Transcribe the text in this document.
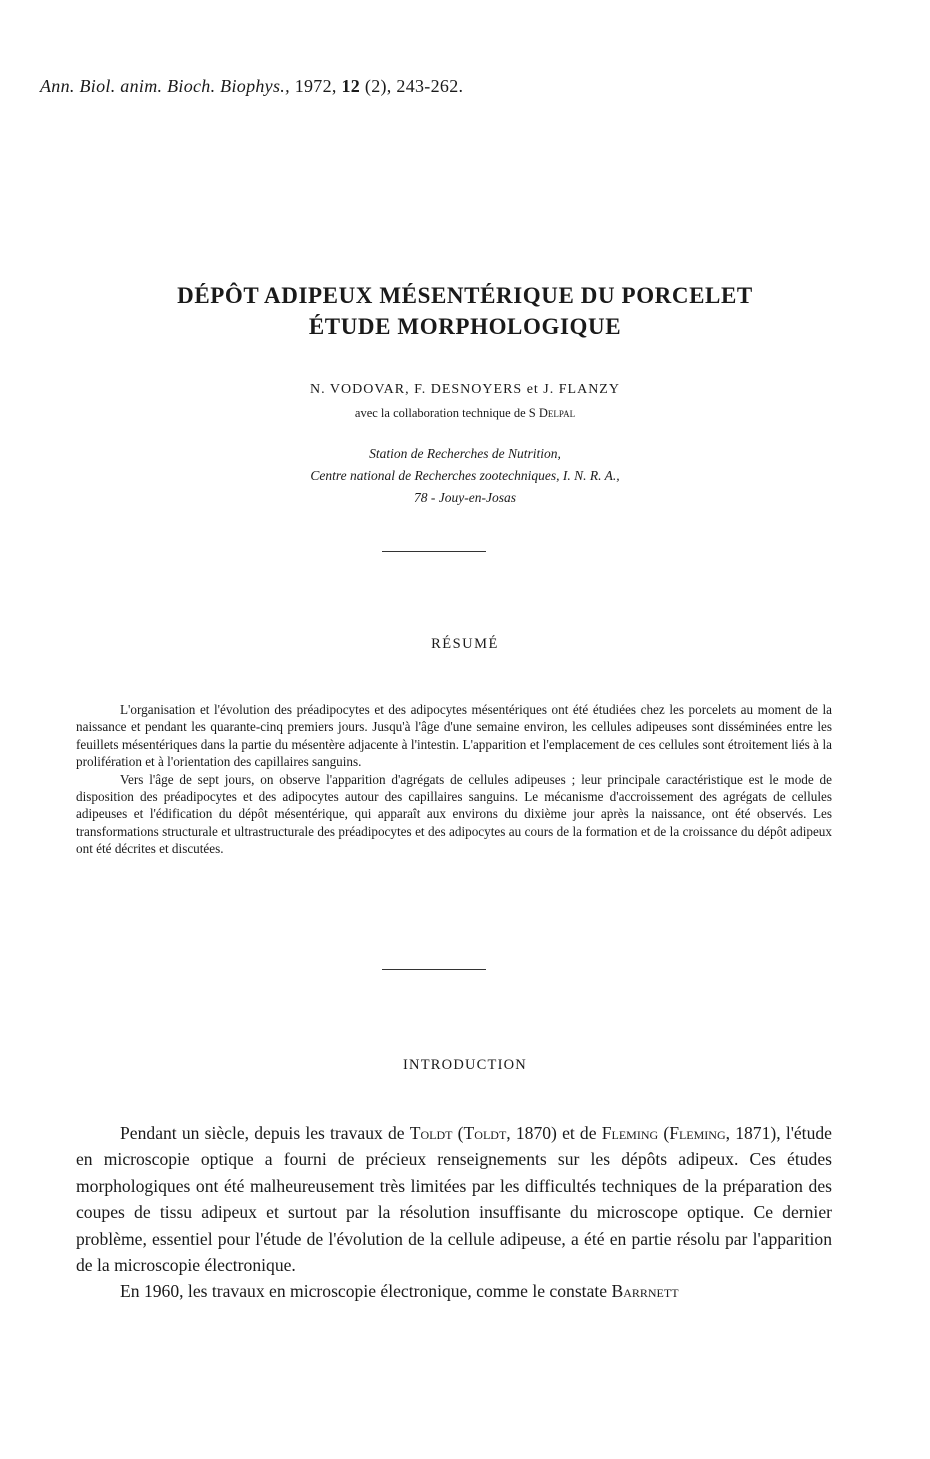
Ann. Biol. anim. Bioch. Biophys., 1972, 12 (2), 243-262.
DÉPÔT ADIPEUX MÉSENTÉRIQUE DU PORCELET
ÉTUDE MORPHOLOGIQUE
N. VODOVAR, F. DESNOYERS et J. FLANZY
avec la collaboration technique de S Delpal
Station de Recherches de Nutrition,
Centre national de Recherches zootechniques, I. N. R. A.,
78 - Jouy-en-Josas
RÉSUMÉ

L'organisation et l'évolution des préadipocytes et des adipocytes mésentériques ont été étudiées chez les porcelets au moment de la naissance et pendant les quarante-cinq premiers jours. Jusqu'à l'âge d'une semaine environ, les cellules adipeuses sont disséminées entre les feuillets mésentériques dans la partie du mésentère adjacente à l'intestin. L'apparition et l'emplacement de ces cellules sont étroitement liés à la prolifération et à l'orientation des capillaires sanguins.

Vers l'âge de sept jours, on observe l'apparition d'agrégats de cellules adipeuses ; leur principale caractéristique est le mode de disposition des préadipocytes et des adipocytes autour des capillaires sanguins. Le mécanisme d'accroissement des agrégats de cellules adipeuses et l'édification du dépôt mésentérique, qui apparaît aux environs du dixième jour après la naissance, ont été observés. Les transformations structurale et ultrastructurale des préadipocytes et des adipocytes au cours de la formation et de la croissance du dépôt adipeux ont été décrites et discutées.

INTRODUCTION

Pendant un siècle, depuis les travaux de Toldt (Toldt, 1870) et de Fleming (Fleming, 1871), l'étude en microscopie optique a fourni de précieux renseignements sur les dépôts adipeux. Ces études morphologiques ont été malheureusement très limitées par les difficultés techniques de la préparation des coupes de tissu adipeux et surtout par la résolution insuffisante du microscope optique. Ce dernier problème, essentiel pour l'étude de l'évolution de la cellule adipeuse, a été en partie résolu par l'apparition de la microscopie électronique.

En 1960, les travaux en microscopie électronique, comme le constate Barrnett
